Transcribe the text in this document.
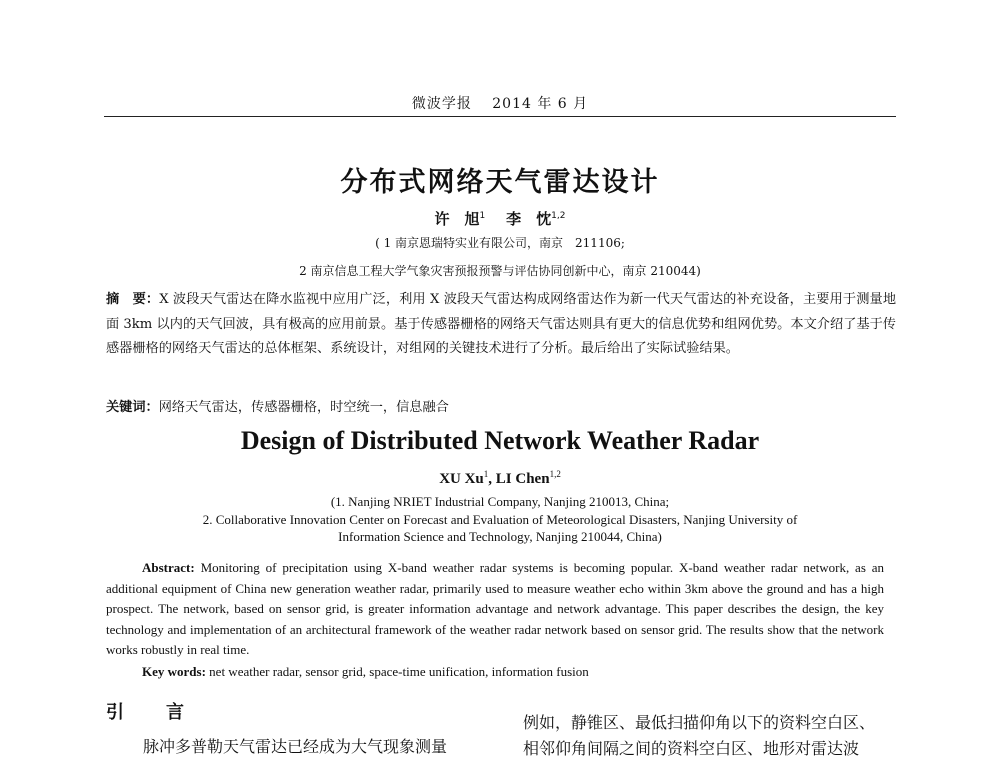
微波学报　 2014 年 6 月
分布式网络天气雷达设计
许　旭$^1$ 李　忱$^{1,2}$
( 1 南京恩瑞特实业有限公司，南京　211106;
2 南京信息工程大学气象灾害预报预警与评估协同创新中心，南京 210044)
摘　要：X 波段天气雷达在降水监视中应用广泛，利用 X 波段天气雷达构成网络雷达作为新一代天气雷达的补充设备，主要用于测量地面 3km 以内的天气回波，具有极高的应用前景。基于传感器栅格的网络天气雷达则具有更大的信息优势和组网优势。本文介绍了基于传感器栅格的网络天气雷达的总体框架、系统设计，对组网的关键技术进行了分析。最后给出了实际试验结果。
关键词：网络天气雷达，传感器栅格，时空统一，信息融合
Design of Distributed Network Weather Radar
XU Xu$^1$, LI Chen$^{1,2}$
(1. Nanjing NRIET Industrial Company, Nanjing 210013, China;
2. Collaborative Innovation Center on Forecast and Evaluation of Meteorological Disasters, Nanjing University of
Information Science and Technology, Nanjing 210044, China)
Abstract: Monitoring of precipitation using X-band weather radar systems is becoming popular. X-band weather radar network, as an additional equipment of China new generation weather radar, primarily used to measure weather echo within 3km above the ground and has a high prospect. The network, based on sensor grid, is greater information advantage and network advantage. This paper describes the design, the key technology and implementation of an architectural framework of the weather radar network based on sensor grid. The results show that the network works robustly in real time.
Key words: net weather radar, sensor grid, space-time unification, information fusion
引　言
脉冲多普勒天气雷达已经成为大气现象测量
例如，静锥区、最低扫描仰角以下的资料空白区、
相邻仰角间隔之间的资料空白区、地形对雷达波
